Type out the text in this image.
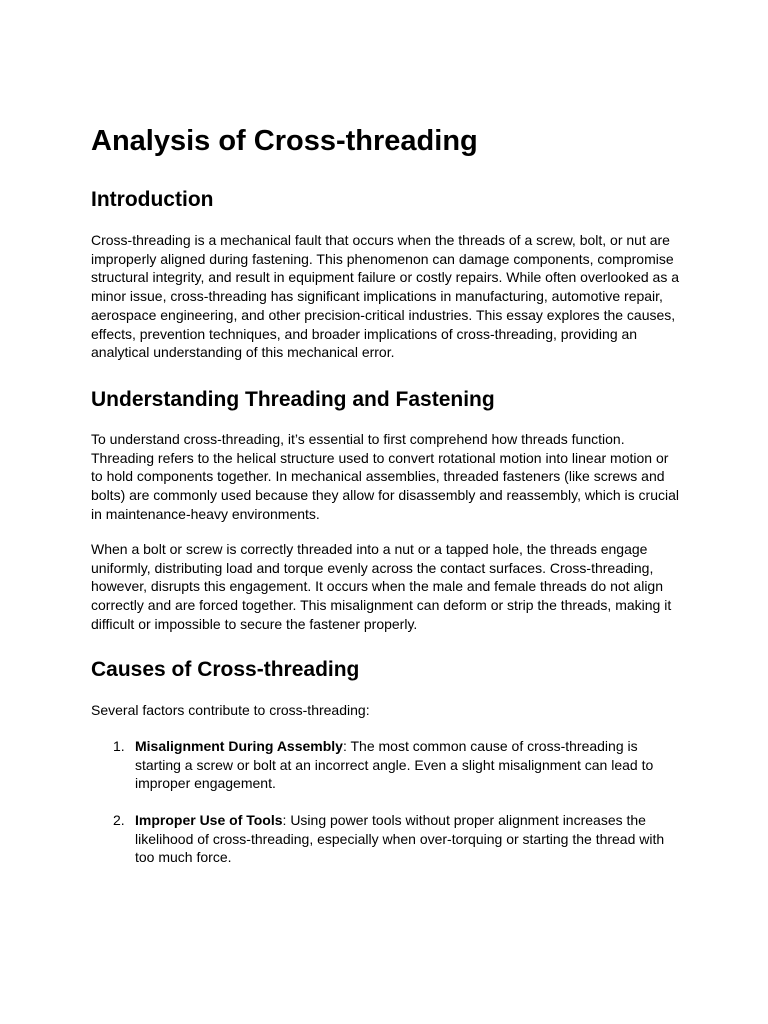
Analysis of Cross-threading
Introduction

Cross-threading is a mechanical fault that occurs when the threads of a screw, bolt, or nut are improperly aligned during fastening. This phenomenon can damage components, compromise structural integrity, and result in equipment failure or costly repairs. While often overlooked as a minor issue, cross-threading has significant implications in manufacturing, automotive repair, aerospace engineering, and other precision-critical industries. This essay explores the causes, effects, prevention techniques, and broader implications of cross-threading, providing an analytical understanding of this mechanical error.

Understanding Threading and Fastening

To understand cross-threading, it’s essential to first comprehend how threads function. Threading refers to the helical structure used to convert rotational motion into linear motion or to hold components together. In mechanical assemblies, threaded fasteners (like screws and bolts) are commonly used because they allow for disassembly and reassembly, which is crucial in maintenance-heavy environments.

When a bolt or screw is correctly threaded into a nut or a tapped hole, the threads engage uniformly, distributing load and torque evenly across the contact surfaces. Cross-threading, however, disrupts this engagement. It occurs when the male and female threads do not align correctly and are forced together. This misalignment can deform or strip the threads, making it difficult or impossible to secure the fastener properly.

Causes of Cross-threading

Several factors contribute to cross-threading:

1. Misalignment During Assembly: The most common cause of cross-threading is starting a screw or bolt at an incorrect angle. Even a slight misalignment can lead to improper engagement.
2. Improper Use of Tools: Using power tools without proper alignment increases the likelihood of cross-threading, especially when over-torquing or starting the thread with too much force.
